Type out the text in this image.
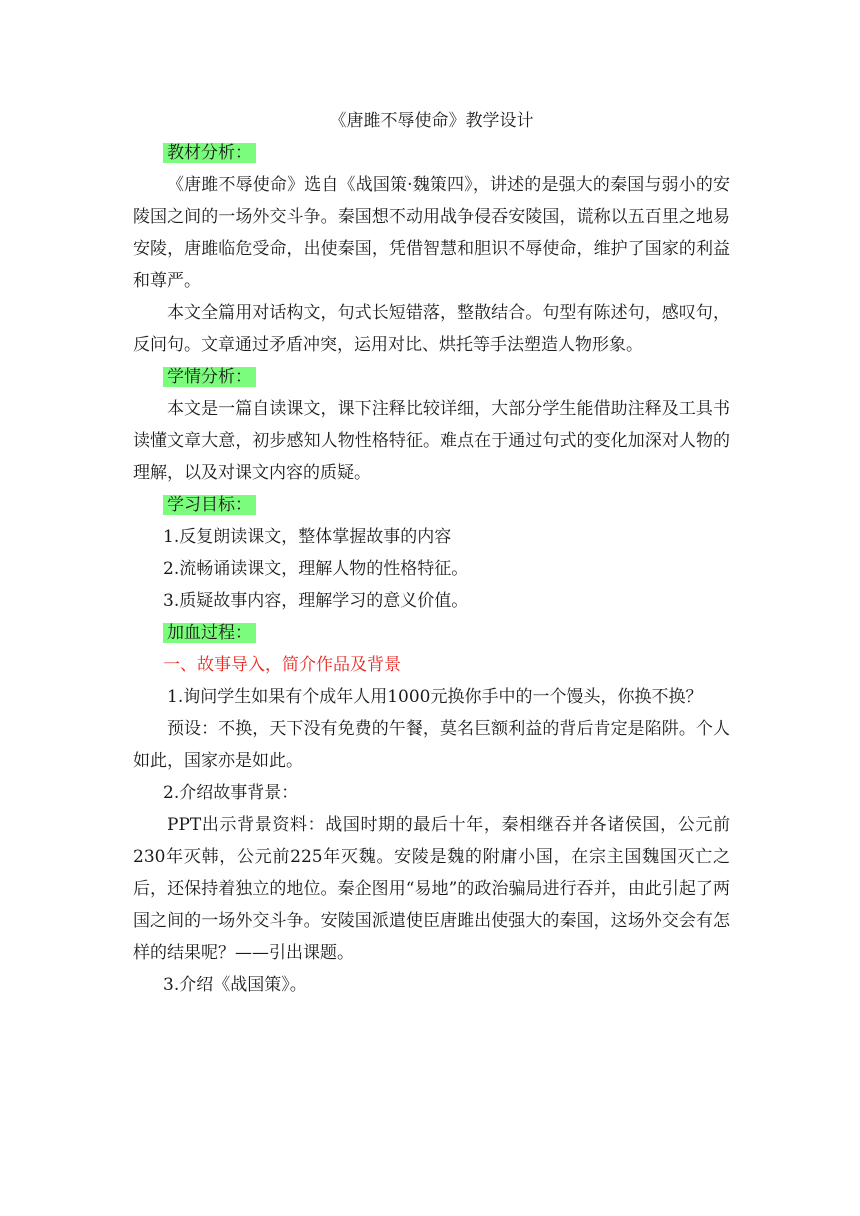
《唐雎不辱使命》教学设计
教材分析：

《唐雎不辱使命》选自《战国策·魏策四》，讲述的是强大的秦国与弱小的安陵国之间的一场外交斗争。秦国想不动用战争侵吞安陵国，谎称以五百里之地易安陵，唐雎临危受命，出使秦国，凭借智慧和胆识不辱使命，维护了国家的利益和尊严。

本文全篇用对话构文，句式长短错落，整散结合。句型有陈述句，感叹句，反问句。文章通过矛盾冲突，运用对比、烘托等手法塑造人物形象。

学情分析：

本文是一篇自读课文，课下注释比较详细，大部分学生能借助注释及工具书读懂文章大意，初步感知人物性格特征。难点在于通过句式的变化加深对人物的理解，以及对课文内容的质疑。

学习目标：

1.反复朗读课文，整体掌握故事的内容

2.流畅诵读课文，理解人物的性格特征。

3.质疑故事内容，理解学习的意义价值。

加血过程：

一、故事导入，简介作品及背景

1.询问学生如果有个成年人用1000元换你手中的一个馒头，你换不换？

预设：不换，天下没有免费的午餐，莫名巨额利益的背后肯定是陷阱。个人如此，国家亦是如此。

2.介绍故事背景：

PPT出示背景资料：战国时期的最后十年，秦相继吞并各诸侯国，公元前230年灭韩，公元前225年灭魏。安陵是魏的附庸小国，在宗主国魏国灭亡之后，还保持着独立的地位。秦企图用“易地”的政治骗局进行吞并，由此引起了两国之间的一场外交斗争。安陵国派遣使臣唐雎出使强大的秦国，这场外交会有怎样的结果呢？——引出课题。

3.介绍《战国策》。
